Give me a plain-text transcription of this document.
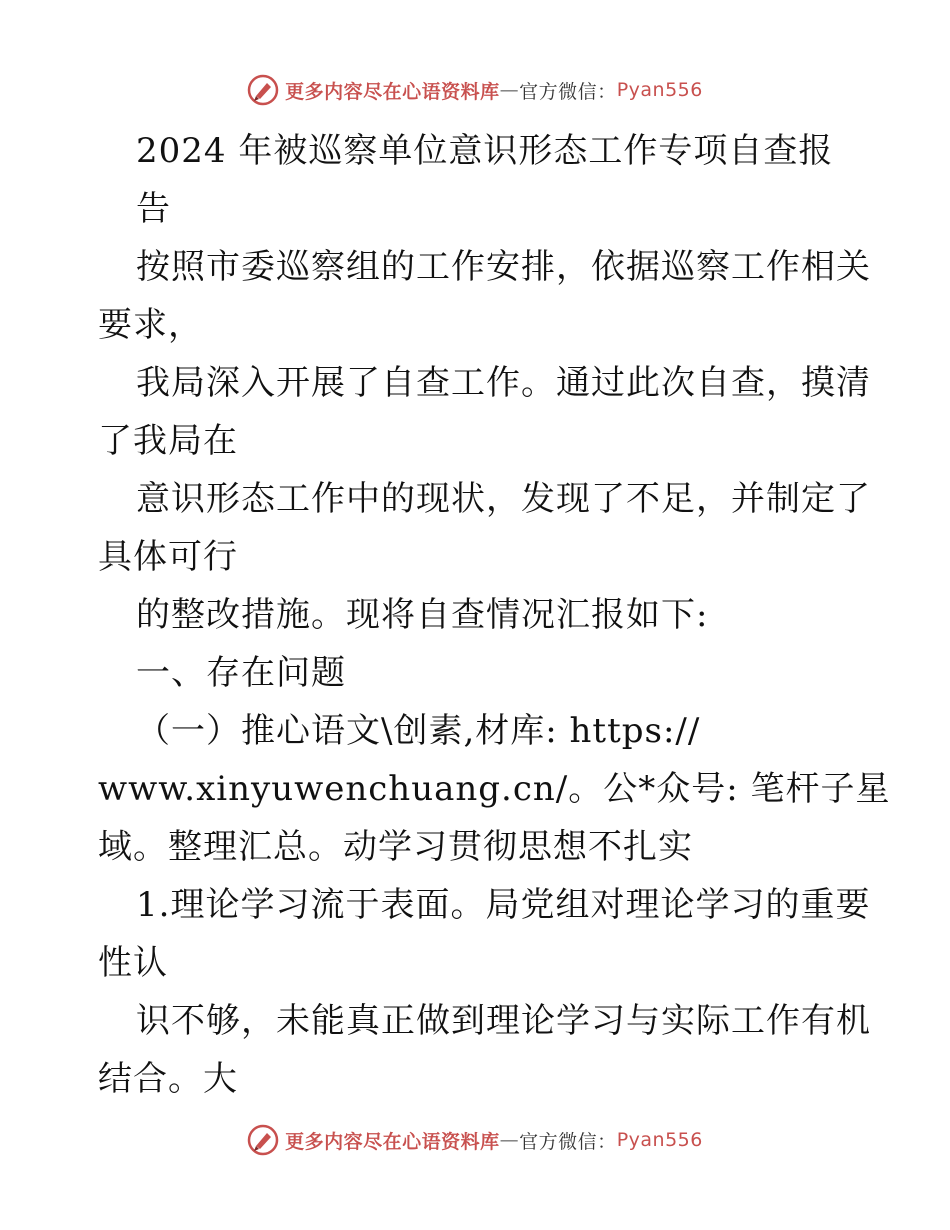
更多内容尽在心语资料库 — 官方微信： Pyan556
2024 年被巡察单位意识形态工作专项自查报
告
按照市委巡察组的工作安排，依据巡察工作相关
要求，
我局深入开展了自查工作。通过此次自查，摸清
了我局在
意识形态工作中的现状，发现了不足，并制定了
具体可行
的整改措施。现将自查情况汇报如下:
一、存在问题
（一）推心语文\创素,材库: https://
www.xinyuwenchuang.cn/。公*众号: 笔杆子星
域。整理汇总。动学习贯彻思想不扎实
1.理论学习流于表面。局党组对理论学习的重要
性认
识不够，未能真正做到理论学习与实际工作有机
结合。大
更多内容尽在心语资料库 — 官方微信： Pyan556
